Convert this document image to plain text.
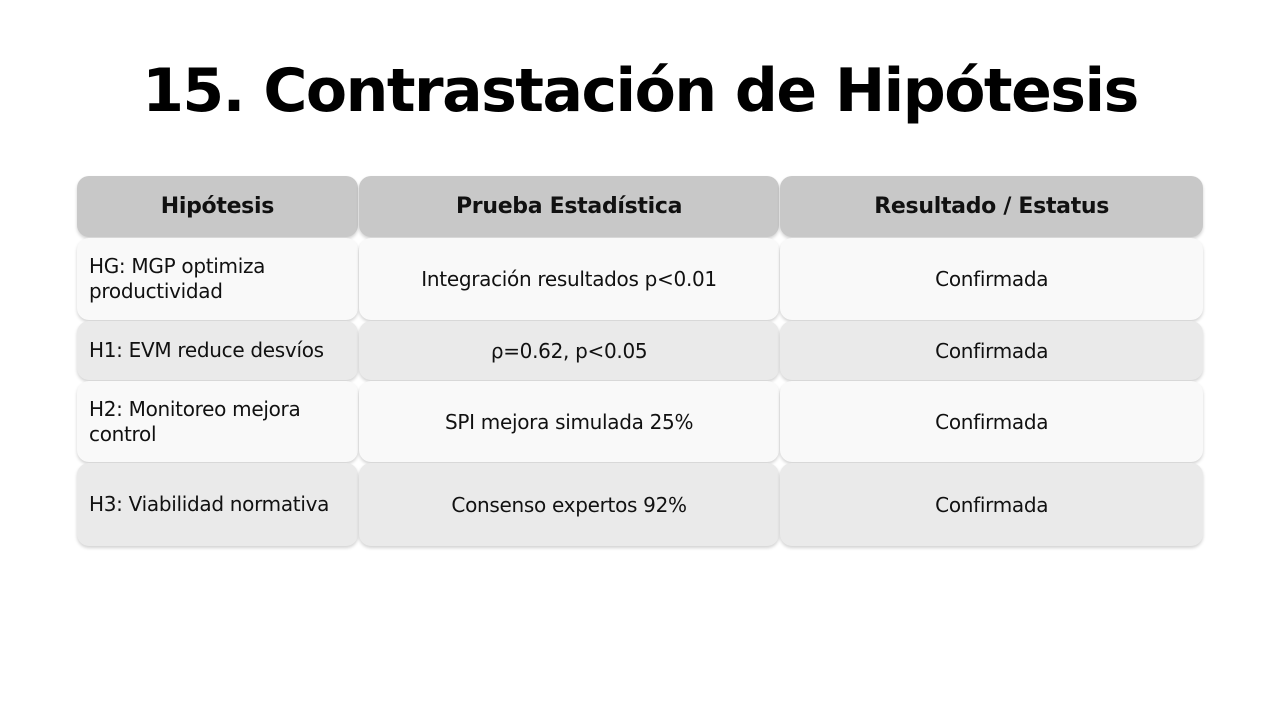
15. Contrastación de Hipótesis
Hipótesis	Prueba Estadística	Resultado / Estatus
HG: MGP optimiza productividad	Integración resultados p<0.01	Confirmada
H1: EVM reduce desvíos	ρ=0.62, p<0.05	Confirmada
H2: Monitoreo mejora control	SPI mejora simulada 25%	Confirmada
H3: Viabilidad normativa	Consenso expertos 92%	Confirmada
